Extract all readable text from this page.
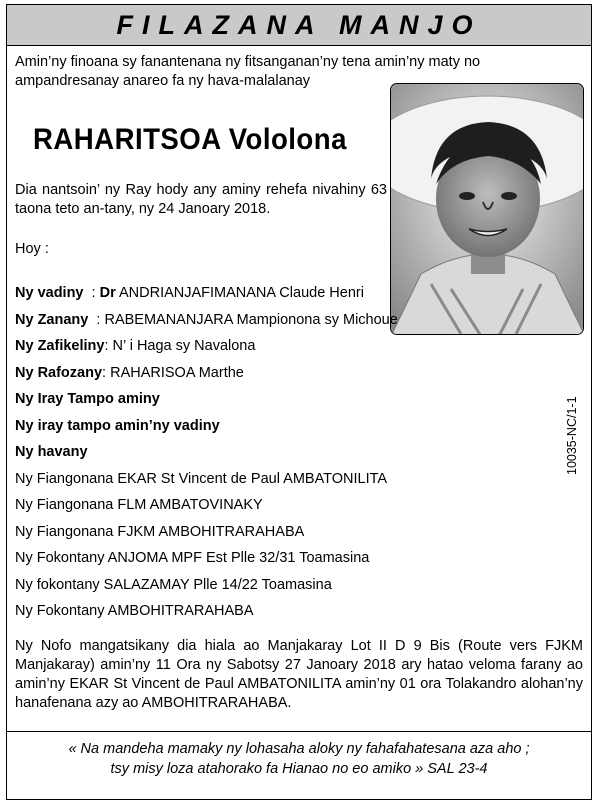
FILAZANA MANJO
Amin’ny finoana sy fanantenana ny fitsanganan’ny tena amin’ny maty no ampandresanay anareo fa ny hava-malalanay
RAHARITSOA Vololona
Dia nantsoin’ ny Ray hody any aminy rehefa nivahiny 63 taona teto an-tany, ny 24 Janoary 2018.
Hoy :
Ny vadiny  : Dr ANDRIANJAFIMANANA Claude Henri
Ny Zanany  : RABEMANANJARA Mampionona sy Michoue
Ny Zafikeliny: N’ i Haga sy Navalona
Ny Rafozany: RAHARISOA Marthe
Ny Iray Tampo aminy
Ny iray tampo amin’ny vadiny
Ny havany
Ny Fiangonana EKAR St Vincent de Paul AMBATONILITA
Ny Fiangonana FLM AMBATOVINAKY
Ny Fiangonana FJKM AMBOHITRARAHABA
Ny Fokontany ANJOMA MPF Est Plle 32/31 Toamasina
Ny fokontany SALAZAMAY Plle 14/22 Toamasina
Ny Fokontany AMBOHITRARAHABA
10035-NC/1-1
Ny Nofo mangatsikany dia hiala ao Manjakaray Lot II D 9 Bis (Route vers FJKM Manjakaray) amin’ny 11 Ora ny Sabotsy 27 Janoary 2018 ary hatao veloma farany ao amin’ny EKAR St Vincent de Paul AMBATONILITA amin’ny 01 ora Tolakandro alohan’ny hanafenana azy ao AMBOHITRARAHABA.
« Na mandeha mamaky ny lohasaha aloky ny fahafahatesana aza aho ;
tsy misy loza atahorako fa Hianao no eo amiko » SAL 23-4
